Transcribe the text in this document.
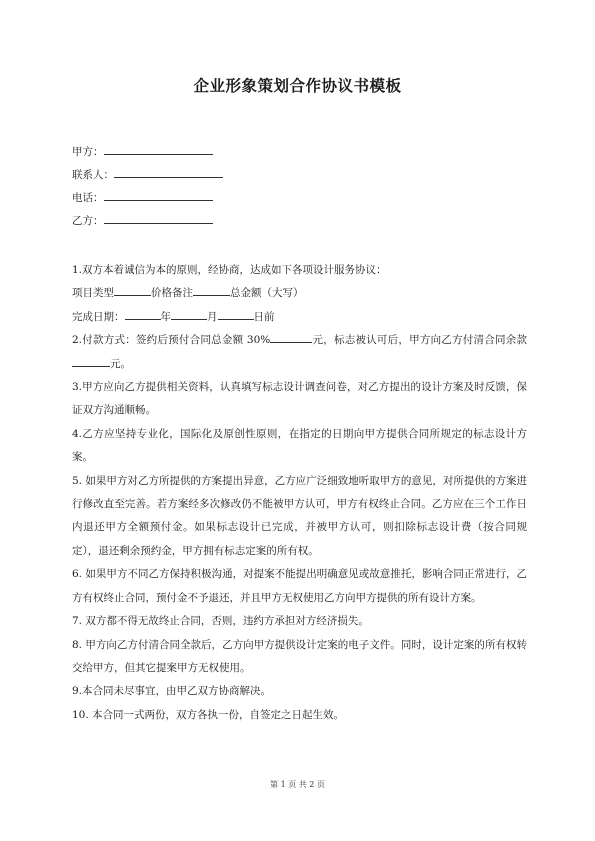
企业形象策划合作协议书模板
甲方：
联系人：
电话：
乙方：

1.双方本着诚信为本的原则，经协商，达成如下各项设计服务协议：

项目类型	价格备注	总金额（大写）

完成日期：	年	月	日前

2.付款方式：签约后预付合同总金额 30%	元，标志被认可后，甲方向乙方付清合同余款元。

3.甲方应向乙方提供相关资料，认真填写标志设计调查问卷，对乙方提出的设计方案及时反馈，保证双方沟通顺畅。

4.乙方应坚持专业化，国际化及原创性原则，在指定的日期向甲方提供合同所规定的标志设计方案。

5. 如果甲方对乙方所提供的方案提出异意，乙方应广泛细致地听取甲方的意见，对所提供的方案进行修改直至完善。若方案经多次修改仍不能被甲方认可，甲方有权终止合同。乙方应在三个工作日内退还甲方全额预付金。如果标志设计已完成，并被甲方认可，则扣除标志设计费（按合同规定），退还剩余预约金，甲方拥有标志定案的所有权。

6. 如果甲方不同乙方保持积极沟通，对提案不能提出明确意见或故意推托，影响合同正常进行，乙方有权终止合同，预付金不予退还，并且甲方无权使用乙方向甲方提供的所有设计方案。

7. 双方都不得无故终止合同，否则，违约方承担对方经济损失。

8. 甲方向乙方付清合同全款后，乙方向甲方提供设计定案的电子文件。同时，设计定案的所有权转交给甲方，但其它提案甲方无权使用。

9.本合同未尽事宜，由甲乙双方协商解决。

10. 本合同一式两份，双方各执一份，自签定之日起生效。

第 1 页 共 2 页
